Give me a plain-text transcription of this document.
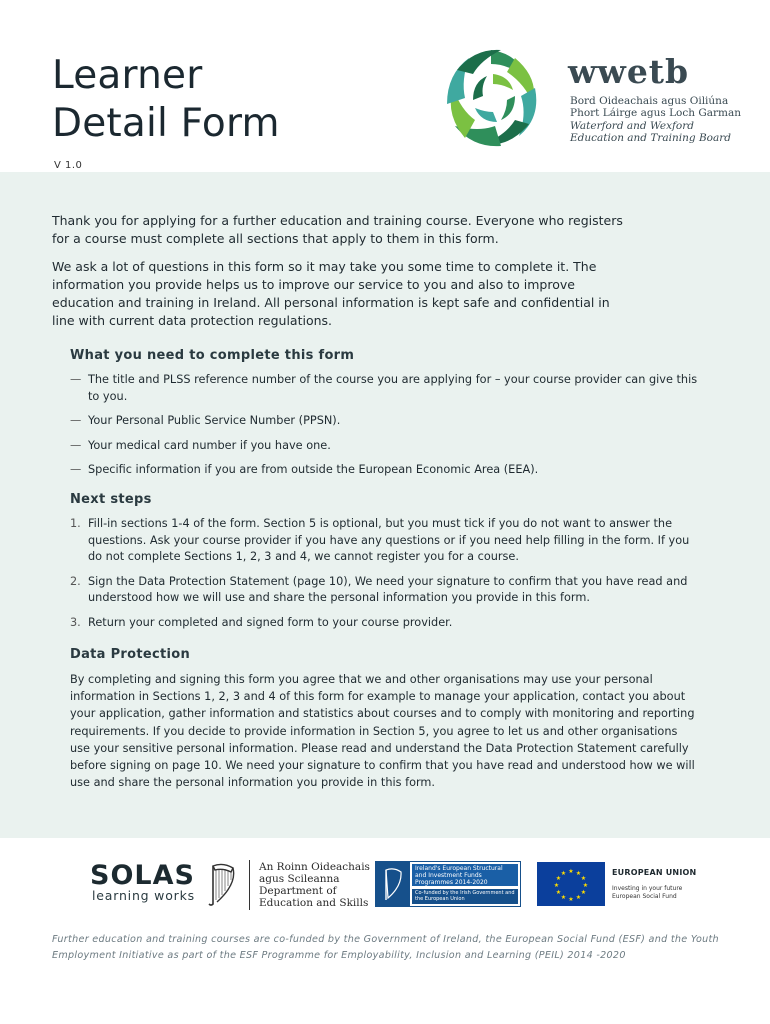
Learner
Detail Form
V 1.0
wwetb
Bord Oideachais agus Oiliúna
Phort Láirge agus Loch Garman
Waterford and Wexford
Education and Training Board

Thank you for applying for a further education and training course. Everyone who registers for a course must complete all sections that apply to them in this form.

We ask a lot of questions in this form so it may take you some time to complete it. The information you provide helps us to improve our service to you and also to improve education and training in Ireland. All personal information is kept safe and confidential in line with current data protection regulations.

What you need to complete this form
— The title and PLSS reference number of the course you are applying for – your course provider can give this to you.
— Your Personal Public Service Number (PPSN).
— Your medical card number if you have one.
— Specific information if you are from outside the European Economic Area (EEA).
Next steps
1. Fill-in sections 1-4 of the form. Section 5 is optional, but you must tick if you do not want to answer the questions. Ask your course provider if you have any questions or if you need help filling in the form. If you do not complete Sections 1, 2, 3 and 4, we cannot register you for a course.
2. Sign the Data Protection Statement (page 10), We need your signature to confirm that you have read and understood how we will use and share the personal information you provide in this form.
3. Return your completed and signed form to your course provider.
Data Protection

By completing and signing this form you agree that we and other organisations may use your personal information in Sections 1, 2, 3 and 4 of this form for example to manage your application, contact you about your application, gather information and statistics about courses and to comply with monitoring and reporting requirements. If you decide to provide information in Section 5, you agree to let us and other organisations use your sensitive personal information. Please read and understand the Data Protection Statement carefully before signing on page 10. We need your signature to confirm that you have read and understood how we will use and share the personal information you provide in this form.

SOLAS
learning works
An Roinn Oideachais
agus Scileanna
Department of
Education and Skills
Ireland's European Structural and Investment Funds Programmes 2014-2020
Co-funded by the Irish Government and the European Union
★ ★
★
★
★
★
★
★
★
★
★
★	EUROPEAN UNION
Investing in your future
European Social Fund

Further education and training courses are co-funded by the Government of Ireland, the European Social Fund (ESF) and the Youth Employment Initiative as part of the ESF Programme for Employability, Inclusion and Learning (PEIL) 2014 -2020
